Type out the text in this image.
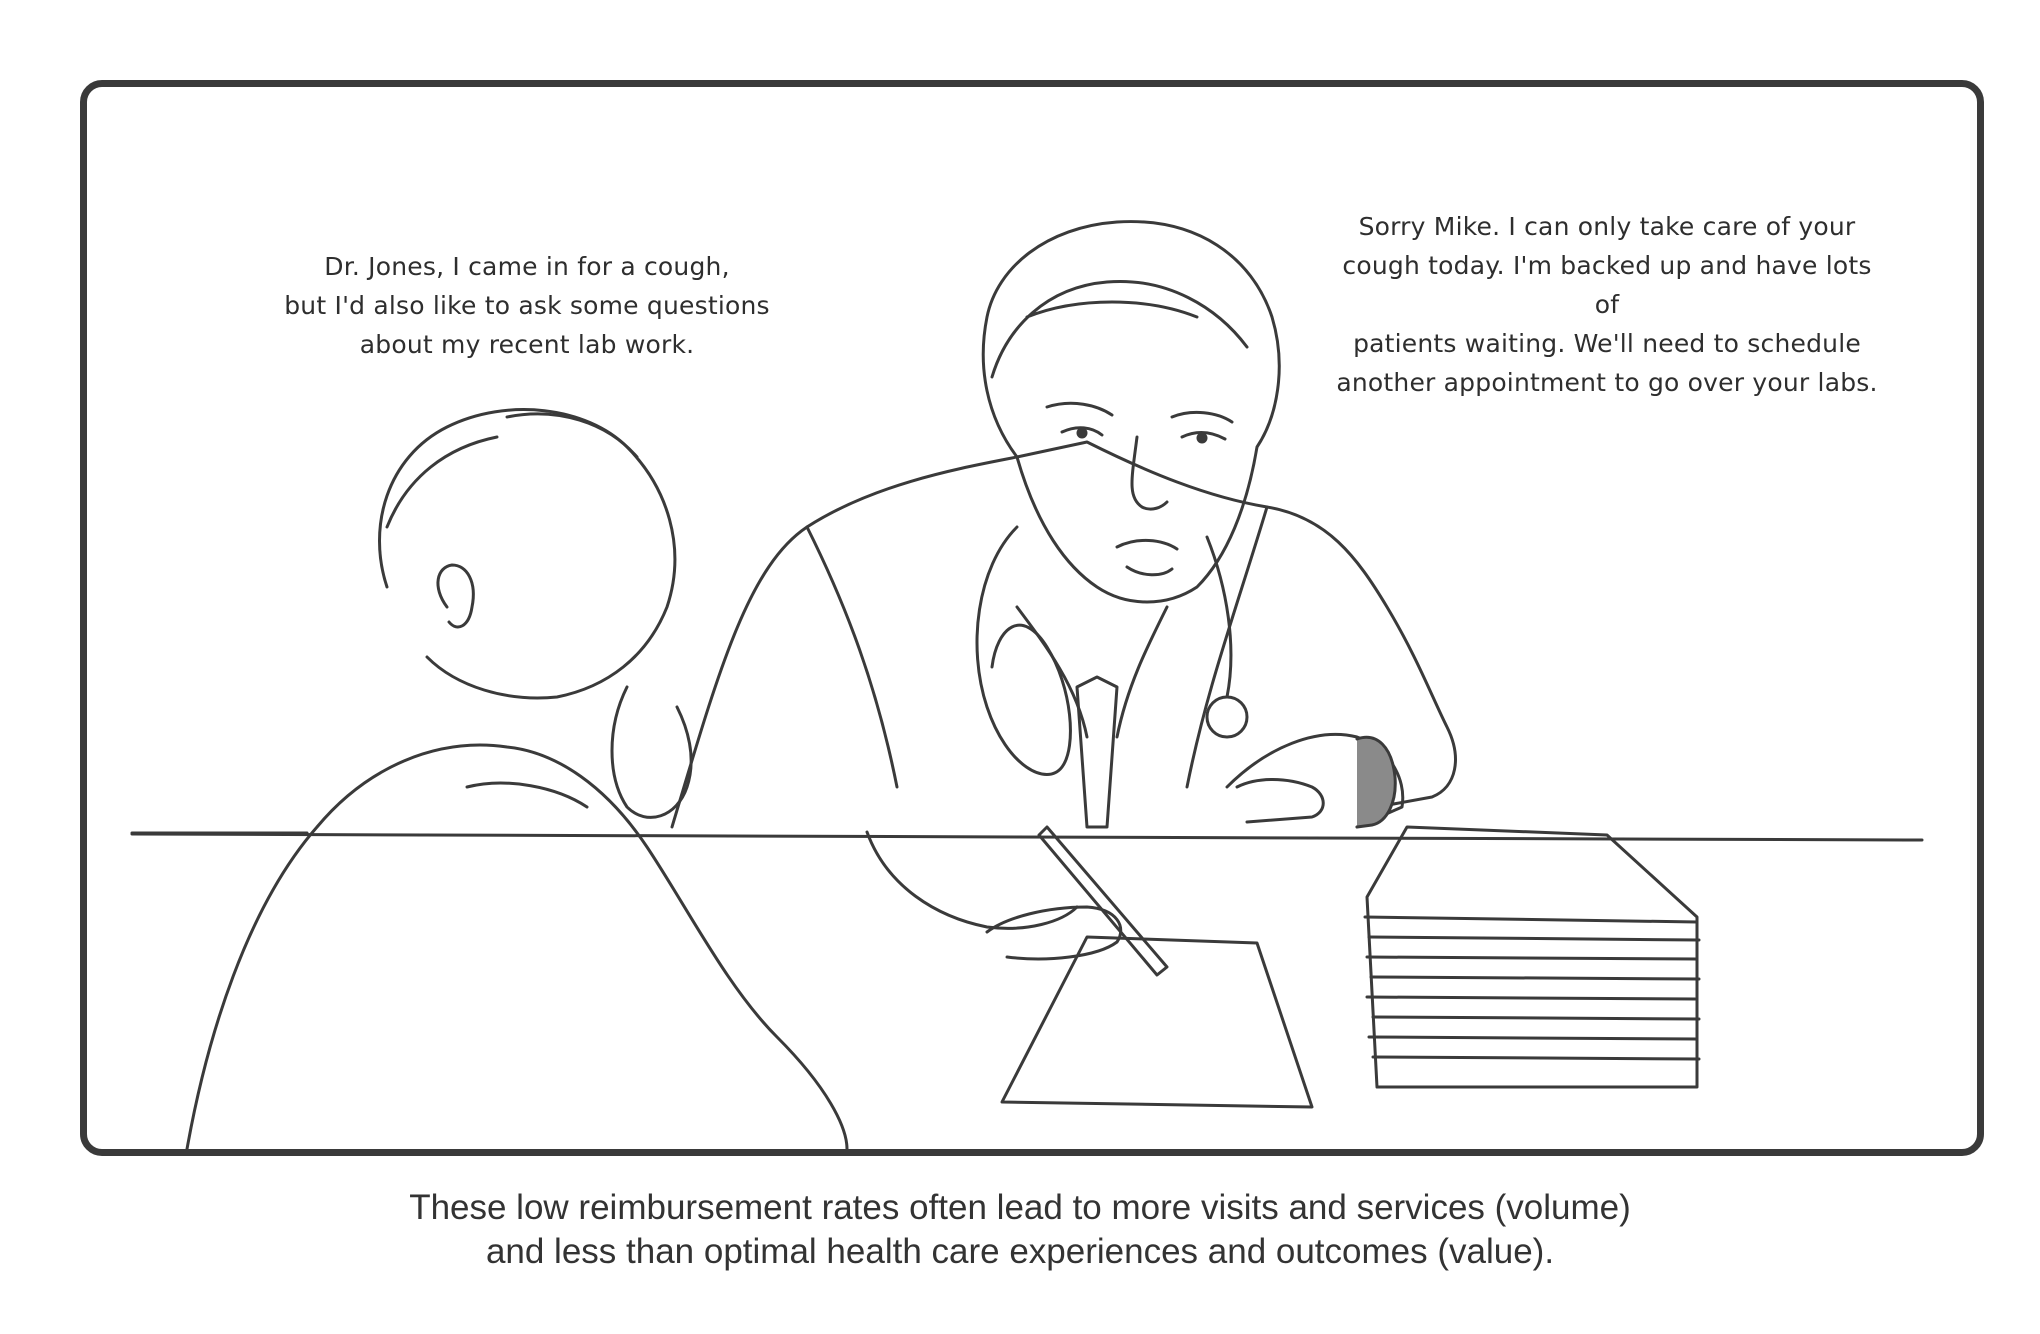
Dr. Jones, I came in for a cough,
but I'd also like to ask some questions
about my recent lab work.
Sorry Mike. I can only take care of your
cough today. I'm backed up and have lots of
patients waiting. We'll need to schedule
another appointment to go over your labs.
These low reimbursement rates often lead to more visits and services (volume)
and less than optimal health care experiences and outcomes (value).
